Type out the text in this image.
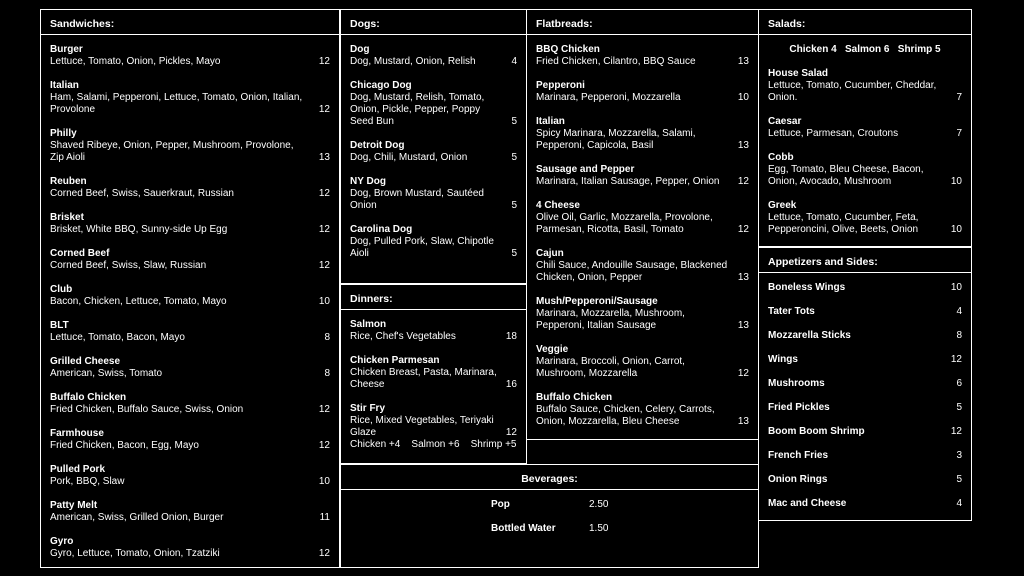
Sandwiches:
Burger
Lettuce, Tomato, Onion, Pickles, Mayo	12
Italian
Ham, Salami, Pepperoni, Lettuce, Tomato, Onion, Italian, Provolone	12
Philly
Shaved Ribeye, Onion, Pepper, Mushroom, Provolone, Zip Aioli	13
Reuben
Corned Beef, Swiss, Sauerkraut, Russian	12
Brisket
Brisket, White BBQ, Sunny-side Up Egg	12
Corned Beef
Corned Beef, Swiss, Slaw, Russian	12
Club
Bacon, Chicken, Lettuce, Tomato, Mayo	10
BLT
Lettuce, Tomato, Bacon, Mayo	8
Grilled Cheese
American, Swiss, Tomato	8
Buffalo Chicken
Fried Chicken, Buffalo Sauce, Swiss, Onion	12
Farmhouse
Fried Chicken, Bacon, Egg, Mayo	12
Pulled Pork
Pork, BBQ, Slaw	10
Patty Melt
American, Swiss, Grilled Onion, Burger	11
Gyro
Gyro, Lettuce, Tomato, Onion, Tzatziki	12
Dogs:
Dog
Dog, Mustard, Onion, Relish	4
Chicago Dog
Dog, Mustard, Relish, Tomato, Onion, Pickle, Pepper, Poppy Seed Bun	5
Detroit Dog
Dog, Chili, Mustard, Onion	5
NY Dog
Dog, Brown Mustard, Sautéed Onion	5
Carolina Dog
Dog, Pulled Pork, Slaw, Chipotle Aioli	5
Dinners:
Salmon
Rice, Chef's Vegetables	18
Chicken Parmesan
Chicken Breast, Pasta, Marinara, Cheese	16
Stir Fry
Rice, Mixed Vegetables, Teriyaki Glaze	12
Chicken +4    Salmon +6    Shrimp +5
Flatbreads:
BBQ Chicken
Fried Chicken, Cilantro, BBQ Sauce	13
Pepperoni
Marinara, Pepperoni, Mozzarella	10
Italian
Spicy Marinara, Mozzarella, Salami, Pepperoni, Capicola, Basil	13
Sausage and Pepper
Marinara, Italian Sausage, Pepper, Onion	12
4 Cheese
Olive Oil, Garlic, Mozzarella, Provolone, Parmesan, Ricotta, Basil, Tomato	12
Cajun
Chili Sauce, Andouille Sausage, Blackened Chicken, Onion, Pepper	13
Mush/Pepperoni/Sausage
Marinara, Mozzarella, Mushroom, Pepperoni, Italian Sausage	13
Veggie
Marinara, Broccoli, Onion, Carrot, Mushroom, Mozzarella	12
Buffalo Chicken
Buffalo Sauce, Chicken, Celery, Carrots, Onion, Mozzarella, Bleu Cheese	13
Beverages:
Pop	2.50
Bottled Water	1.50
Salads:
Chicken 4   Salmon 6   Shrimp 5
House Salad
Lettuce, Tomato, Cucumber, Cheddar, Onion.	7
Caesar
Lettuce, Parmesan, Croutons	7
Cobb
Egg, Tomato, Bleu Cheese, Bacon, Onion, Avocado, Mushroom	10
Greek
Lettuce, Tomato, Cucumber, Feta, Pepperoncini, Olive, Beets, Onion	10
Appetizers and Sides:
Boneless Wings	10
Tater Tots	4
Mozzarella Sticks	8
Wings	12
Mushrooms	6
Fried Pickles	5
Boom Boom Shrimp	12
French Fries	3
Onion Rings	5
Mac and Cheese	4
